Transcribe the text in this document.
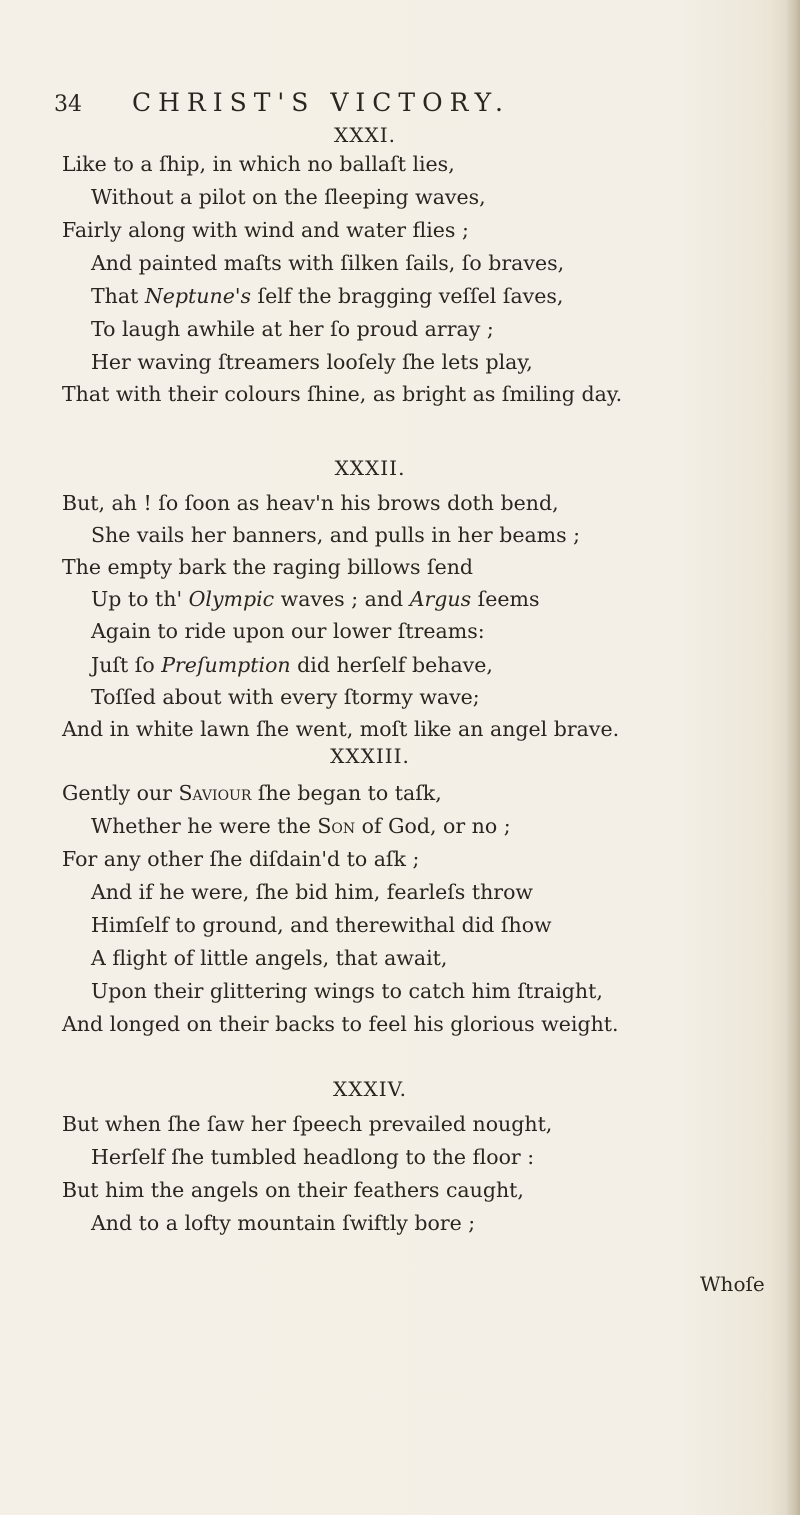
34 CHRIST'S VICTORY.
XXXI.
Like to a ſhip, in which no ballaſt lies,
Without a pilot on the ſleeping waves,
Fairly along with wind and water flies ;
And painted maſts with ſilken ſails, ſo braves,
That Neptune's ſelf the bragging veſſel ſaves,
To laugh awhile at her ſo proud array ;
Her waving ſtreamers looſely ſhe lets play,
That with their colours ſhine, as bright as ſmiling day.
XXXII.
But, ah ! ſo ſoon as heav'n his brows doth bend,
She vails her banners, and pulls in her beams ;
The empty bark the raging billows ſend
Up to th' Olympic waves ; and Argus ſeems
Again to ride upon our lower ſtreams:
Juſt ſo Preſumption did herſelf behave,
Toſſed about with every ſtormy wave;
And in white lawn ſhe went, moſt like an angel brave.
XXXIII.
Gently our Saviour ſhe began to taſk,
Whether he were the Son of God, or no ;
For any other ſhe diſdain'd to aſk ;
And if he were, ſhe bid him, fearleſs throw
Himſelf to ground, and therewithal did ſhow
A flight of little angels, that await,
Upon their glittering wings to catch him ſtraight,
And longed on their backs to feel his glorious weight.
XXXIV.
But when ſhe ſaw her ſpeech prevailed nought,
Herſelf ſhe tumbled headlong to the floor :
But him the angels on their feathers caught,
And to a lofty mountain ſwiftly bore ;
Whoſe
